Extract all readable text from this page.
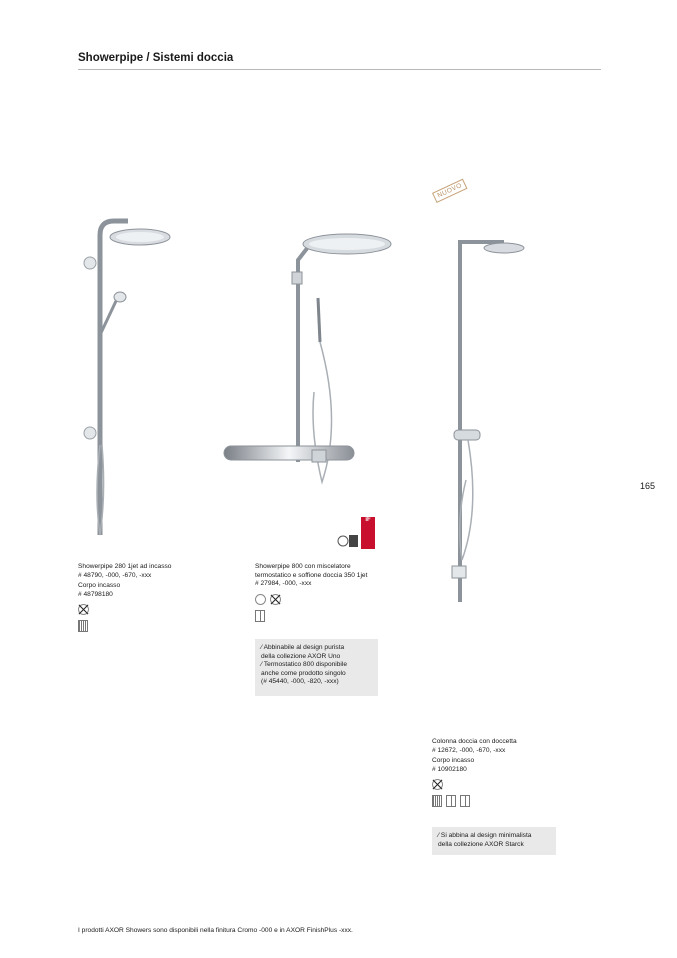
Showerpipe / Sistemi doccia
165
iF
NUOVO
Showerpipe 280 1jet ad incasso
# 48790, -000, -670, -xxx
Corpo incasso
# 48798180
Showerpipe 800 con miscelatore
termostatico e soffione doccia 350 1jet
# 27984, -000, -xxx
⁄ Abbinabile al design purista
della collezione AXOR Uno
⁄ Termostatico 800 disponibile
anche come prodotto singolo
(# 45440, -000, -820, -xxx)
Colonna doccia con doccetta
# 12672, -000, -670, -xxx
Corpo incasso
# 10902180
⁄ Si abbina al design minimalista
della collezione AXOR Starck
I prodotti AXOR Showers sono disponibili nella finitura Cromo -000 e in AXOR FinishPlus -xxx.
